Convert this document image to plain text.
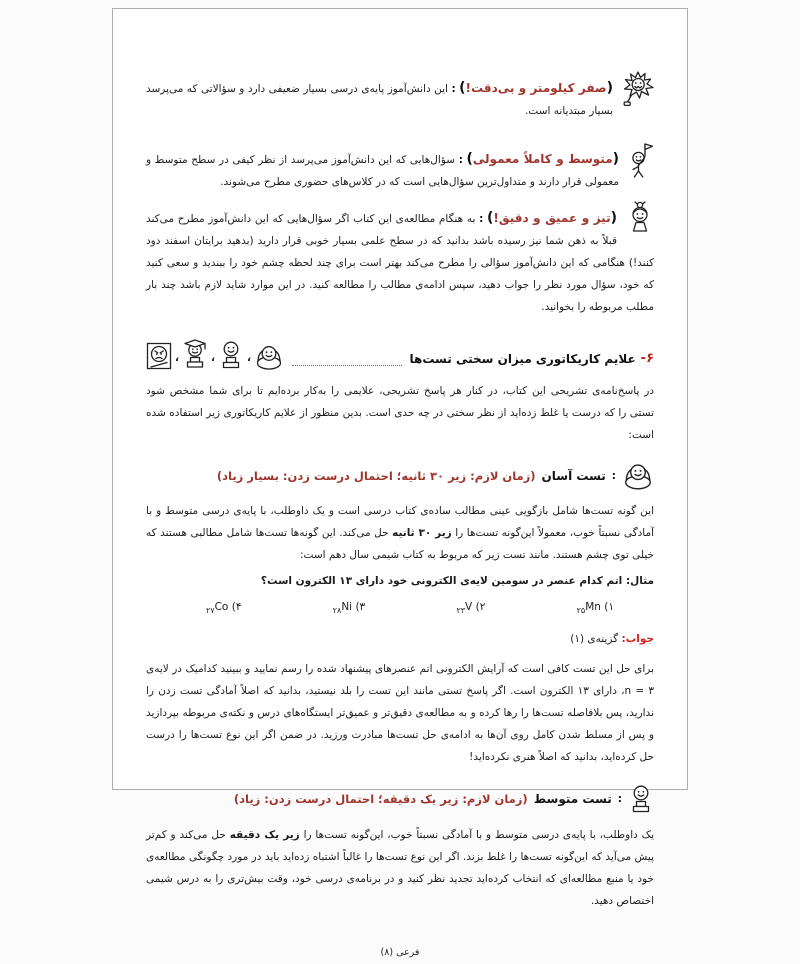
(صفر کیلومتر و بی‌دقت!) : این دانش‌آموز پایه‌ی درسی بسیار ضعیفی دارد و سؤالاتی که می‌پرسد بسیار مبتدیانه است.

(متوسط و کاملاً معمولی) : سؤال‌هایی که این دانش‌آموز می‌پرسد از نظر کیفی در سطح متوسط و معمولی قرار دارند و متداول‌ترین سؤال‌هایی است که در کلاس‌های حضوری مطرح می‌شوند.

(تیز و عمیق و دقیق!) : به هنگام مطالعه‌ی این کتاب اگر سؤال‌هایی که این دانش‌آموز مطرح می‌کند قبلاً به ذهن شما نیز رسیده باشد بدانید که در سطح علمی بسیار خوبی قرار دارید (بدهید برایتان اسفند دود کنند!) هنگامی که این دانش‌آموز سؤالی را مطرح می‌کند بهتر است برای چند لحظه چشم خود را ببندید و سعی کنید که خود، سؤال مورد نظر را جواب دهید، سپس ادامه‌ی مطالب را مطالعه کنید. در این موارد شاید لازم باشد چند بار مطلب مربوطه را بخوانید.

۶-
علایم کاریکاتوری میزان سختی تست‌ها
،
،
،

در پاسخ‌نامه‌ی تشریحی این کتاب، در کنار هر پاسخ تشریحی، علایمی را به‌کار برده‌ایم تا برای شما مشخص شود تستی را که درست یا غلط زده‌اید از نظر سختی در چه حدی است. بدین منظور از علایم کاریکاتوری زیر استفاده شده است:

:
تست آسان
(زمان لازم: زیر ۳۰ ثانیه؛ احتمال درست زدن: بسیار زیاد)

این گونه تست‌ها شامل بازگویی عینی مطالب ساده‌ی کتاب درسی است و یک داوطلب، با پایه‌ی درسی متوسط و با آمادگی نسبتاً خوب، معمولاً این‌گونه تست‌ها را زیر ۳۰ ثانیه حل می‌کند. این گونه‌ها تست‌ها شامل مطالبی هستند که خیلی توی چشم هستند. مانند تست زیر که مربوط به کتاب شیمی سال دهم است:

مثال: اتم کدام عنصر در سومین لایه‌ی الکترونی خود دارای ۱۳ الکترون است؟

۱) $_{۲۵}$Mn
۲) $_{۲۳}$V
۳) $_{۲۸}$Ni
۴) $_{۲۷}$Co

جواب: گزینه‌ی (۱)

برای حل این تست کافی است که آرایش الکترونی اتم عنصرهای پیشنهاد شده را رسم نمایید و ببینید کدامیک در لایه‌ی n = ۳، دارای ۱۳ الکترون است. اگر پاسخ تستی مانند این تست را بلد نیستید، بدانید که اصلاً آمادگی تست زدن را ندارید، پس بلافاصله تست‌ها را رها کرده و به مطالعه‌ی دقیق‌تر و عمیق‌تر ایستگاه‌های درس و نکته‌ی مربوطه بپردازید و پس از مسلط شدن کامل روی آن‌ها به ادامه‌ی حل تست‌ها مبادرت ورزید. در ضمن اگر این نوع تست‌ها را درست حل کرده‌اید، بدانید که اصلاً هنری نکرده‌اید!

:
تست متوسط
(زمان لازم: زیر یک دقیقه؛ احتمال درست زدن: زیاد)

یک داوطلب، با پایه‌ی درسی متوسط و با آمادگی نسبتاً خوب، این‌گونه تست‌ها را زیر یک دقیقه حل می‌کند و کم‌تر پیش می‌آید که این‌گونه تست‌ها را غلط بزند. اگر این نوع تست‌ها را غالباً اشتباه زده‌اید باید در مورد چگونگی مطالعه‌ی خود یا منبع مطالعه‌ای که انتخاب کرده‌اید تجدید نظر کنید و در برنامه‌ی درسی خود، وقت بیش‌تری را به درس شیمی اختصاص دهید.

فرعی (۸)
